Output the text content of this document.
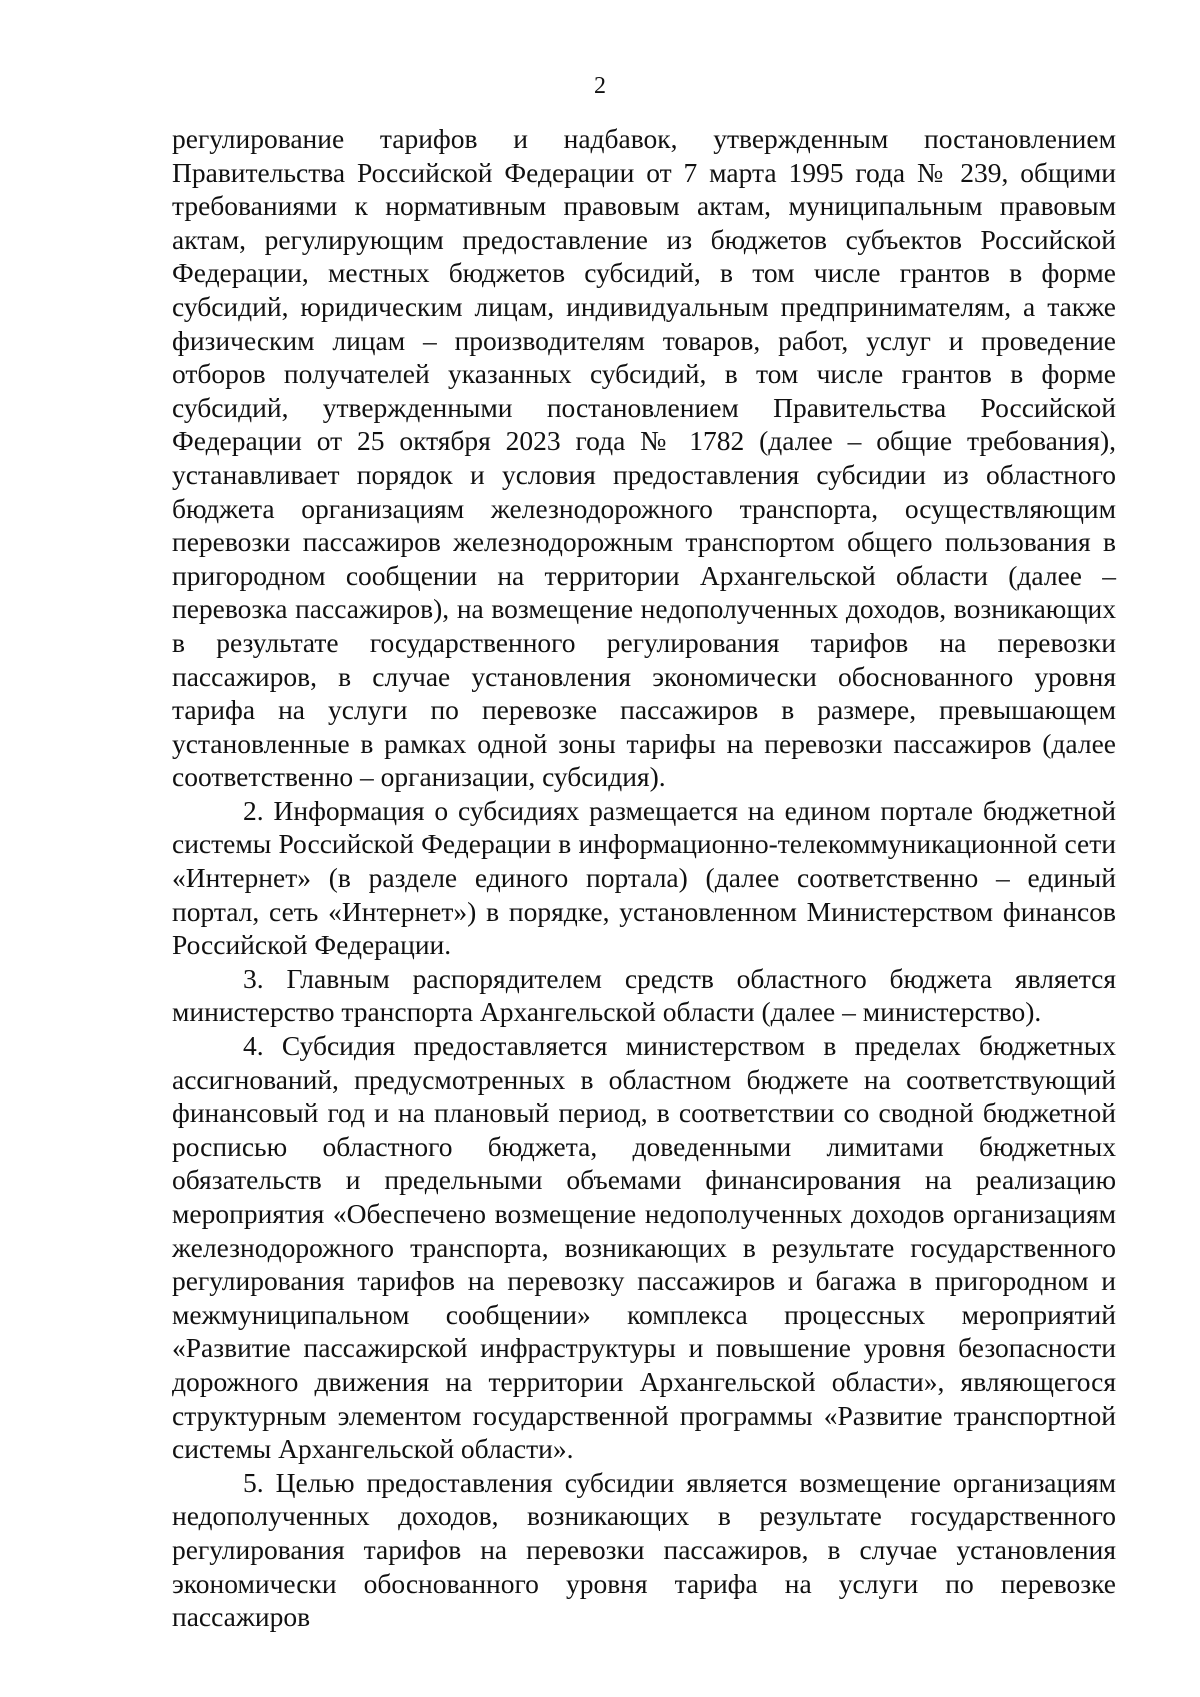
2

регулирование тарифов и надбавок, утвержденным постановлением Правительства Российской Федерации от 7 марта 1995 года № 239, общими требованиями к нормативным правовым актам, муниципальным правовым актам, регулирующим предоставление из бюджетов субъектов Российской Федерации, местных бюджетов субсидий, в том числе грантов в форме субсидий, юридическим лицам, индивидуальным предпринимателям, а также физическим лицам – производителям товаров, работ, услуг и проведение отборов получателей указанных субсидий, в том числе грантов в форме субсидий, утвержденными постановлением Правительства Российской Федерации от 25 октября 2023 года № 1782 (далее – общие требования), устанавливает порядок и условия предоставления субсидии из областного бюджета организациям железнодорожного транспорта, осуществляющим перевозки пассажиров железнодорожным транспортом общего пользования в пригородном сообщении на территории Архангельской области (далее – перевозка пассажиров), на возмещение недополученных доходов, возникающих в результате государственного регулирования тарифов на перевозки пассажиров, в случае установления экономически обоснованного уровня тарифа на услуги по перевозке пассажиров в размере, превышающем установленные в рамках одной зоны тарифы на перевозки пассажиров (далее соответственно – организации, субсидия).

2. Информация о субсидиях размещается на едином портале бюджетной системы Российской Федерации в информационно-телекоммуникационной сети «Интернет» (в разделе единого портала) (далее соответственно – единый портал, сеть «Интернет») в порядке, установленном Министерством финансов Российской Федерации.

3. Главным распорядителем средств областного бюджета является министерство транспорта Архангельской области (далее – министерство).

4. Субсидия предоставляется министерством в пределах бюджетных ассигнований, предусмотренных в областном бюджете на соответствующий финансовый год и на плановый период, в соответствии со сводной бюджетной росписью областного бюджета, доведенными лимитами бюджетных обязательств и предельными объемами финансирования на реализацию мероприятия «Обеспечено возмещение недополученных доходов организациям железнодорожного транспорта, возникающих в результате государственного регулирования тарифов на перевозку пассажиров и багажа в пригородном и межмуниципальном сообщении» комплекса процессных мероприятий «Развитие пассажирской инфраструктуры и повышение уровня безопасности дорожного движения на территории Архангельской области», являющегося структурным элементом государственной программы «Развитие транспортной системы Архангельской области».

5. Целью предоставления субсидии является возмещение организациям недополученных доходов, возникающих в результате государственного регулирования тарифов на перевозки пассажиров, в случае установления экономически обоснованного уровня тарифа на услуги по перевозке пассажиров
